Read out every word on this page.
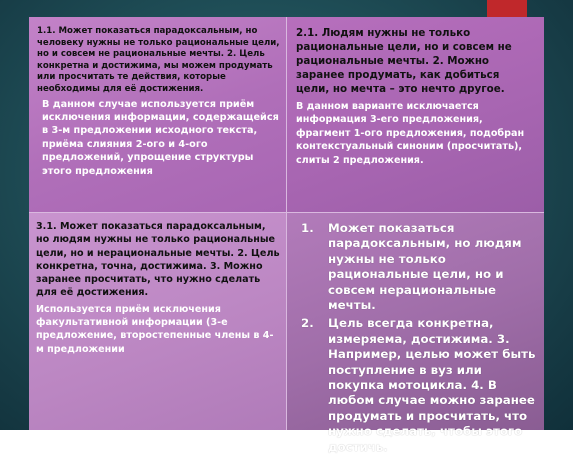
1.1. Может показаться парадоксальным, но человеку нужны не только рациональные цели, но и совсем не рациональные мечты. 2. Цель конкретна и достижима, мы можем продумать или просчитать те действия, которые необходимы для её достижения.

В данном случае используется приём исключения информации, содержащейся в 3-м предложении исходного текста, приёма слияния 2-ого и 4-ого предложений, упрощение структуры этого предложения

2.1. Людям нужны не только рациональные цели, но и совсем не рациональные мечты. 2. Можно заранее продумать, как добиться цели, но мечта – это нечто другое.

В данном варианте исключается информация 3-его предложения, фрагмент 1-ого предложения, подобран контекстуальный синоним (просчитать), слиты 2 предложения.

3.1. Может показаться парадоксальным, но людям нужны не только рациональные цели, но и нерациональные мечты. 2. Цель конкретна, точна, достижима. 3. Можно заранее просчитать, что нужно сделать для её достижения.

Используется приём исключения факультативной информации (3-е предложение, второстепенные члены в 4-м предложении

1. Может показаться парадоксальным, но людям нужны не только рациональные цели, но и совсем нерациональные мечты.
2. Цель всегда конкретна, измеряема, достижима. 3. Например, целью может быть поступление в вуз или покупка мотоцикла. 4. В любом случае можно заранее продумать и просчитать, что нужно сделать, чтобы этого достичь.
